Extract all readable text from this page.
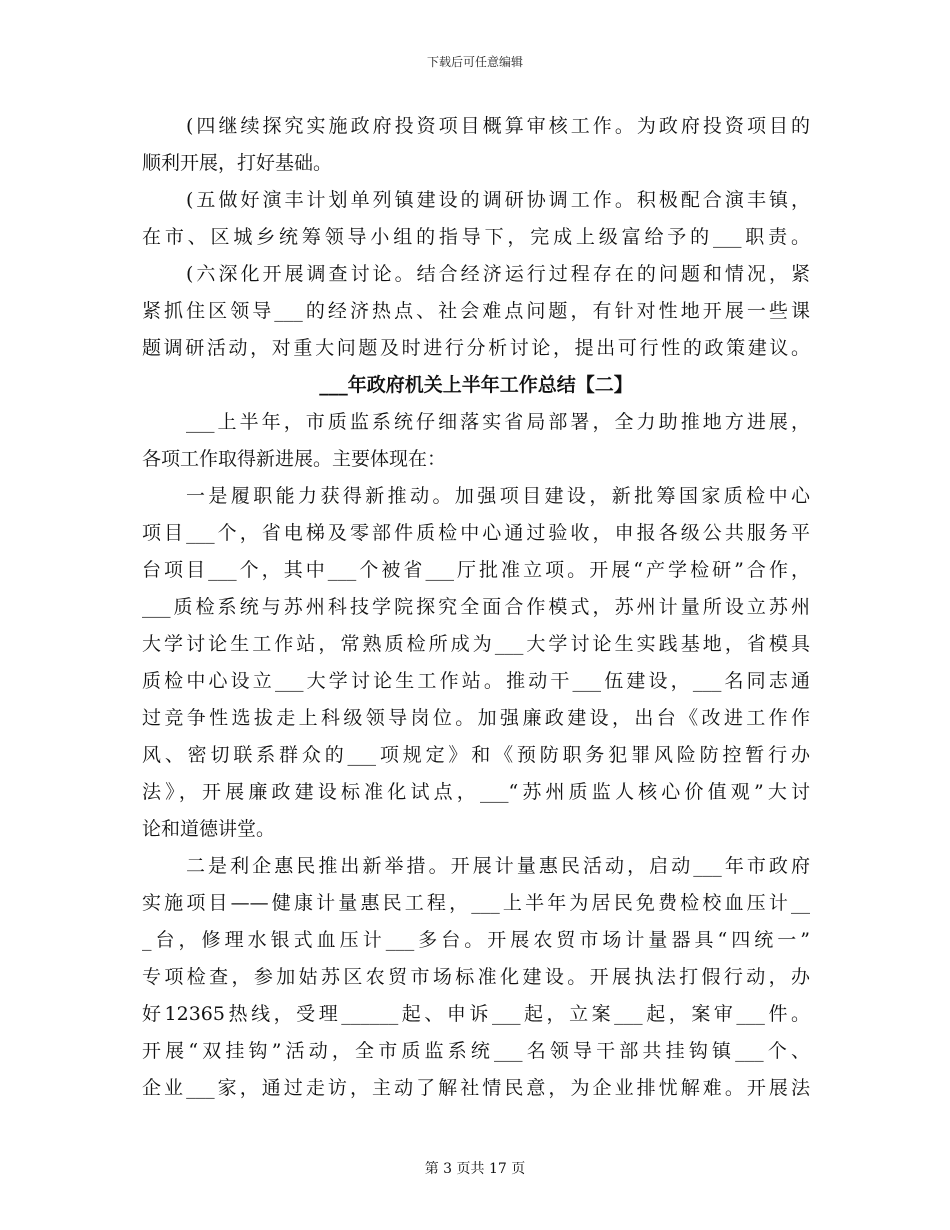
下载后可任意编辑
(四继续探究实施政府投资项目概算审核工作。为政府投资项目的
顺利开展，打好基础。
(五做好演丰计划单列镇建设的调研协调工作。积极配合演丰镇，
在市、区城乡统筹领导小组的指导下，完成上级富给予的___职责。
(六深化开展调查讨论。结合经济运行过程存在的问题和情况，紧
紧抓住区领导___的经济热点、社会难点问题，有针对性地开展一些课
题调研活动，对重大问题及时进行分析讨论，提出可行性的政策建议。
___年政府机关上半年工作总结【二】
___上半年，市质监系统仔细落实省局部署，全力助推地方进展，
各项工作取得新进展。主要体现在：
一是履职能力获得新推动。加强项目建设，新批筹国家质检中心
项目___个，省电梯及零部件质检中心通过验收，申报各级公共服务平
台项目___个，其中___个被省___厅批准立项。开展“产学检研”合作，
___质检系统与苏州科技学院探究全面合作模式，苏州计量所设立苏州
大学讨论生工作站，常熟质检所成为___大学讨论生实践基地，省模具
质检中心设立___大学讨论生工作站。推动干___伍建设，___名同志通
过竞争性选拔走上科级领导岗位。加强廉政建设，出台《改进工作作
风、密切联系群众的___项规定》和《预防职务犯罪风险防控暂行办
法》，开展廉政建设标准化试点，___“苏州质监人核心价值观”大讨
论和道德讲堂。
二是利企惠民推出新举措。开展计量惠民活动，启动___年市政府
实施项目——健康计量惠民工程，___上半年为居民免费检校血压计__
_台，修理水银式血压计___多台。开展农贸市场计量器具“四统一”
专项检查，参加姑苏区农贸市场标准化建设。开展执法打假行动，办
好12365热线，受理______起、申诉___起，立案___起，案审___件。
开展“双挂钩”活动，全市质监系统___名领导干部共挂钩镇___个、
企业___家，通过走访，主动了解社情民意，为企业排忧解难。开展法
第 3 页共 17 页
